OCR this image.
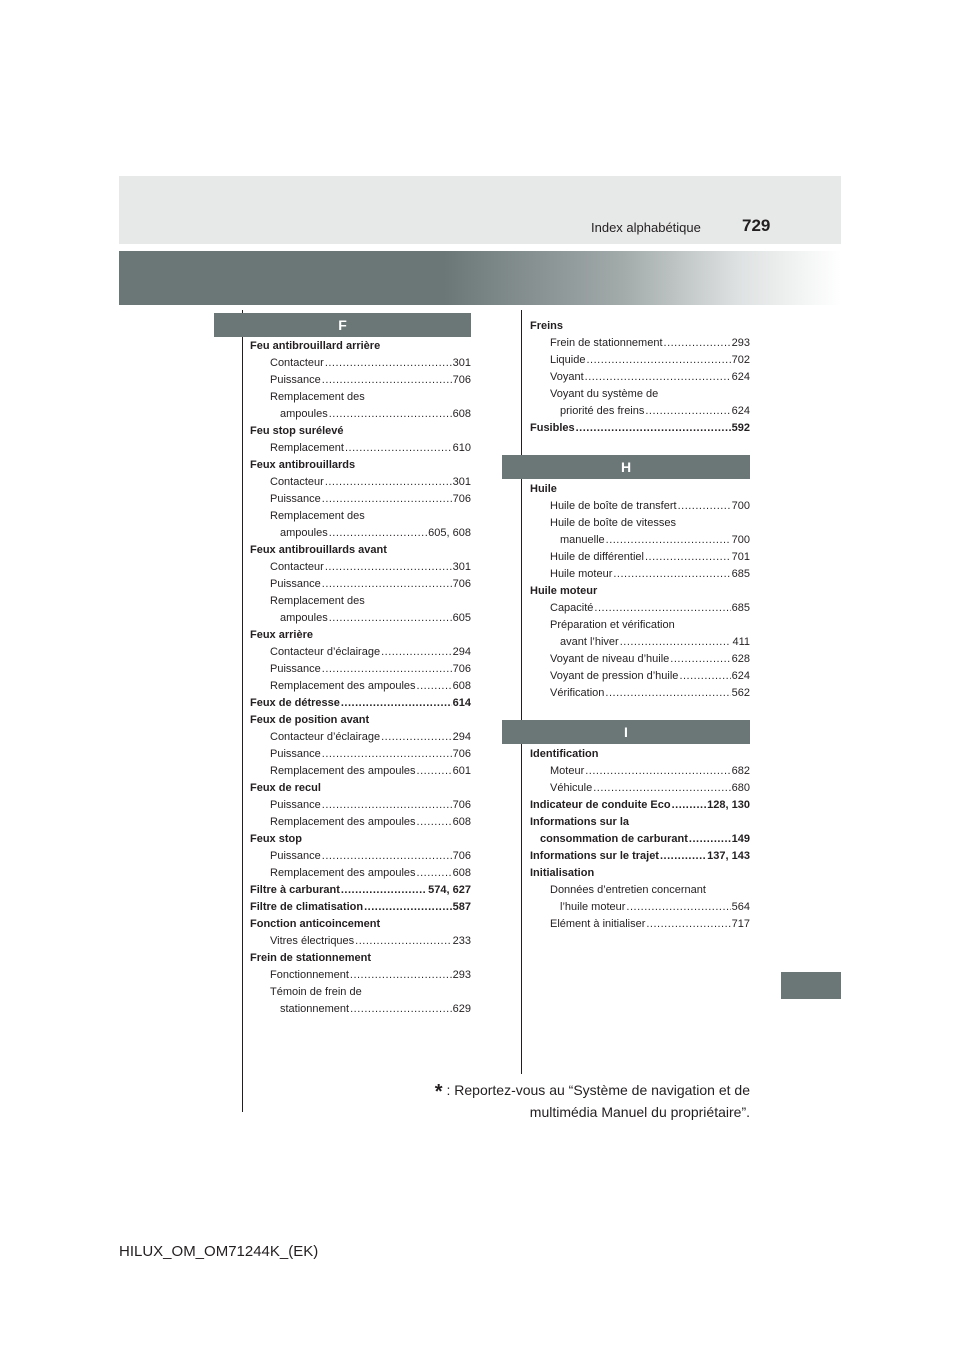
Index alphabétique 729
F
H
I
Feu antibrouillard arrière
Contacteur .....	301
Puissance .....	706
Remplacement des
ampoules .....	608
Feu stop surélevé
Remplacement .....	610
Feux antibrouillards
Contacteur .....	301
Puissance .....	706
Remplacement des
ampoules .....	605, 608
Feux antibrouillards avant
Contacteur .....	301
Puissance .....	706
Remplacement des
ampoules .....	605
Feux arrière
Contacteur d’éclairage .....	294
Puissance .....	706
Remplacement des ampoules .....	608
Feux de détresse .....	614
Feux de position avant
Contacteur d’éclairage .....	294
Puissance .....	706
Remplacement des ampoules .....	601
Feux de recul
Puissance .....	706
Remplacement des ampoules .....	608
Feux stop
Puissance .....	706
Remplacement des ampoules .....	608
Filtre à carburant .....	574, 627
Filtre de climatisation .....	587
Fonction anticoincement
Vitres électriques .....	233
Frein de stationnement
Fonctionnement .....	293
Témoin de frein de
stationnement .....	629
Freins
Frein de stationnement .....	293
Liquide .....	702
Voyant .....	624
Voyant du système de
priorité des freins .....	624
Fusibles .....	592
Huile
Huile de boîte de transfert .....	700
Huile de boîte de vitesses
manuelle .....	700
Huile de différentiel .....	701
Huile moteur .....	685
Huile moteur
Capacité .....	685
Préparation et vérification
avant l’hiver .....	411
Voyant de niveau d’huile .....	628
Voyant de pression d’huile .....	624
Vérification .....	562
Identification
Moteur .....	682
Véhicule .....	680
Indicateur de conduite Eco .....	128, 130
Informations sur la
consommation de carburant .....	149
Informations sur le trajet .....	137, 143
Initialisation
Données d’entretien concernant
l’huile moteur .....	564
Elément à initialiser .....	717
* : Reportez-vous au “Système de navigation et de
multimédia Manuel du propriétaire”.
HILUX_OM_OM71244K_(EK)
